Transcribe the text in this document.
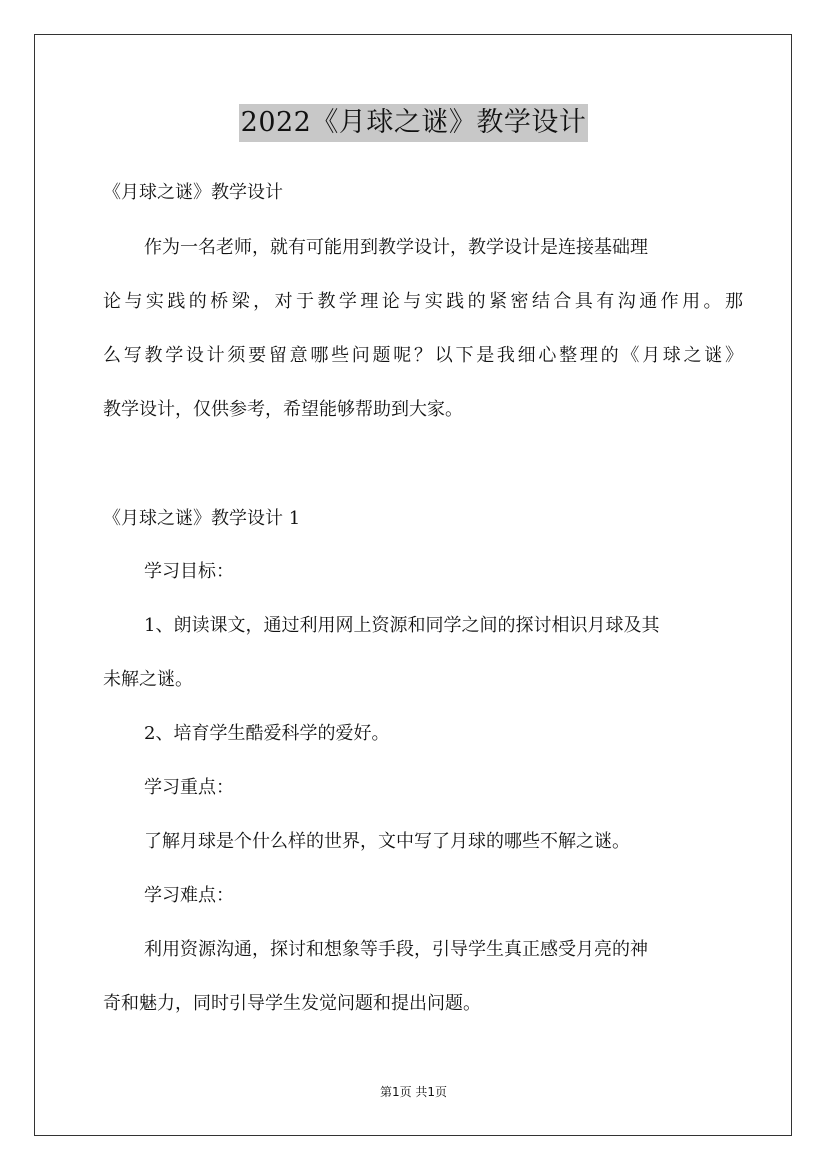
2022《月球之谜》教学设计
《月球之谜》教学设计
作为一名老师，就有可能用到教学设计，教学设计是连接基础理
论与实践的桥梁，对于教学理论与实践的紧密结合具有沟通作用。那
么写教学设计须要留意哪些问题呢？以下是我细心整理的《月球之谜》
教学设计，仅供参考，希望能够帮助到大家。
《月球之谜》教学设计 1
学习目标：
1、朗读课文，通过利用网上资源和同学之间的探讨相识月球及其
未解之谜。
2、培育学生酷爱科学的爱好。
学习重点：
了解月球是个什么样的世界，文中写了月球的哪些不解之谜。
学习难点：
利用资源沟通，探讨和想象等手段，引导学生真正感受月亮的神
奇和魅力，同时引导学生发觉问题和提出问题。
第1页 共1页
